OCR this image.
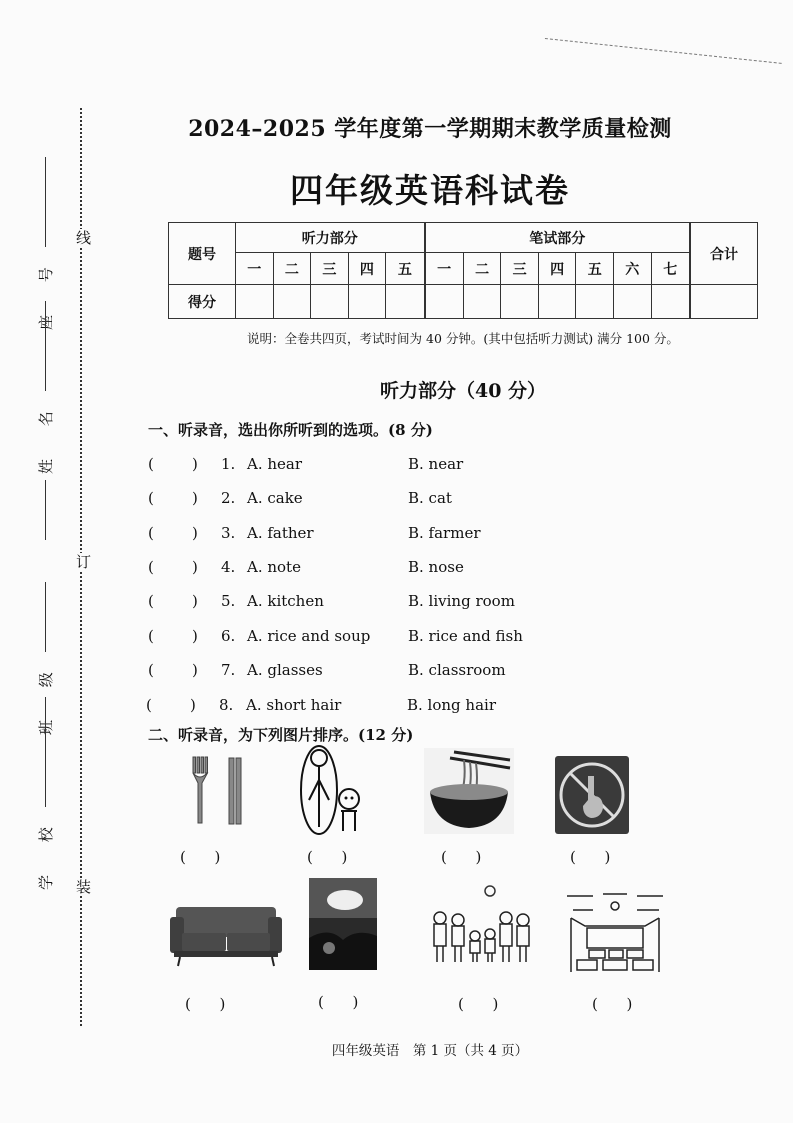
线
订
装
座 号
姓 名
班 级
学 校
2024–2025 学年度第一学期期末教学质量检测
四年级英语科试卷
题号	听力部分					笔试部分							合计
	一	二	三	四	五	一	二	三	四	五	六	七	
得分													
说明：全卷共四页，考试时间为 40 分钟。(其中包括听力测试) 满分 100 分。
听力部分（40 分）
一、听录音，选出你所听到的选项。(8 分)
(	) 1. A. hear	B. near
(	) 2. A. cake	B. cat
(	) 3. A. father	B. farmer
(	) 4. A. note	B. nose
(	) 5. A. kitchen	B. living room
(	) 6. A. rice and soup	B. rice and fish
(	) 7. A. glasses	B. classroom
(	) 8. A. short hair	B. long hair
二、听录音，为下列图片排序。(12 分)
(      )	(      )	(      )	(      )
(      )	(      )	(      )	(      )
四年级英语　第 1 页（共 4 页）
